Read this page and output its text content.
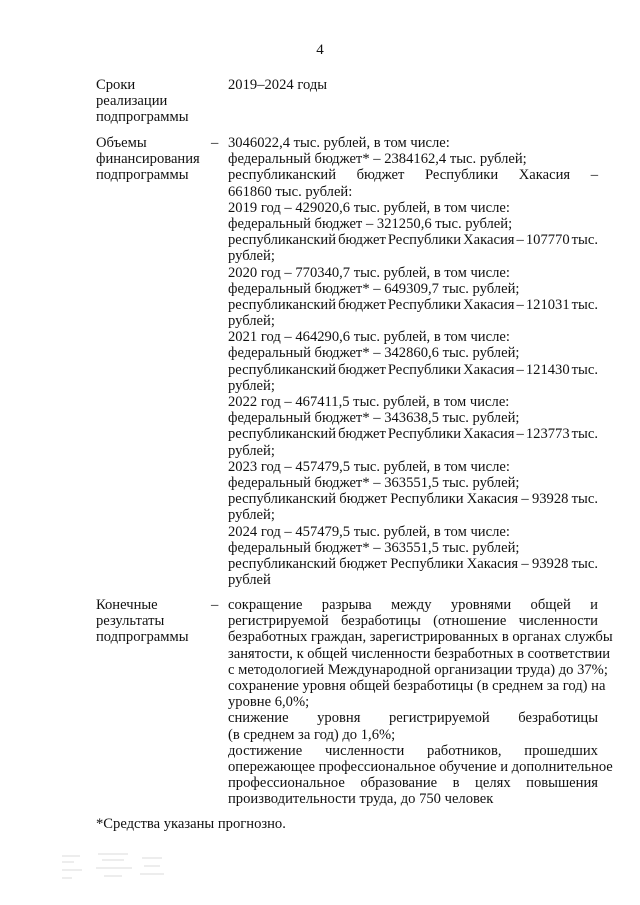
4
Сроки
реализации
подпрограммы
2019–2024 годы
Объемы
финансирования
подпрограммы
– 3046022,4 тыс. рублей, в том числе:
федеральный бюджет* – 2384162,4 тыс. рублей;
республиканский бюджет Республики Хакасия –
661860 тыс. рублей:
2019 год – 429020,6 тыс. рублей, в том числе:
федеральный бюджет – 321250,6 тыс. рублей;
республиканский бюджет Республики Хакасия – 107770 тыс.
рублей;
2020 год – 770340,7 тыс. рублей, в том числе:
федеральный бюджет* – 649309,7 тыс. рублей;
республиканский бюджет Республики Хакасия – 121031 тыс.
рублей;
2021 год – 464290,6 тыс. рублей, в том числе:
федеральный бюджет* – 342860,6 тыс. рублей;
республиканский бюджет Республики Хакасия – 121430 тыс.
рублей;
2022 год – 467411,5 тыс. рублей, в том числе:
федеральный бюджет* – 343638,5 тыс. рублей;
республиканский бюджет Республики Хакасия – 123773 тыс.
рублей;
2023 год – 457479,5 тыс. рублей, в том числе:
федеральный бюджет* – 363551,5 тыс. рублей;
республиканский бюджет Республики Хакасия – 93928 тыс.
рублей;
2024 год – 457479,5 тыс. рублей, в том числе:
федеральный бюджет* – 363551,5 тыс. рублей;
республиканский бюджет Республики Хакасия – 93928 тыс.
рублей
Конечные
результаты
подпрограммы
– сокращение разрыва между уровнями общей и
регистрируемой безработицы (отношение численности
безработных граждан, зарегистрированных в органах службы
занятости, к общей численности безработных в соответствии
с методологией Международной организации труда) до 37%;
сохранение уровня общей безработицы (в среднем за год) на
уровне 6,0%;
снижение уровня регистрируемой безработицы
(в среднем за год) до 1,6%;
достижение численности работников, прошедших
опережающее профессиональное обучение и дополнительное
профессиональное образование в целях повышения
производительности труда, до 750 человек
*Средства указаны прогнозно.
